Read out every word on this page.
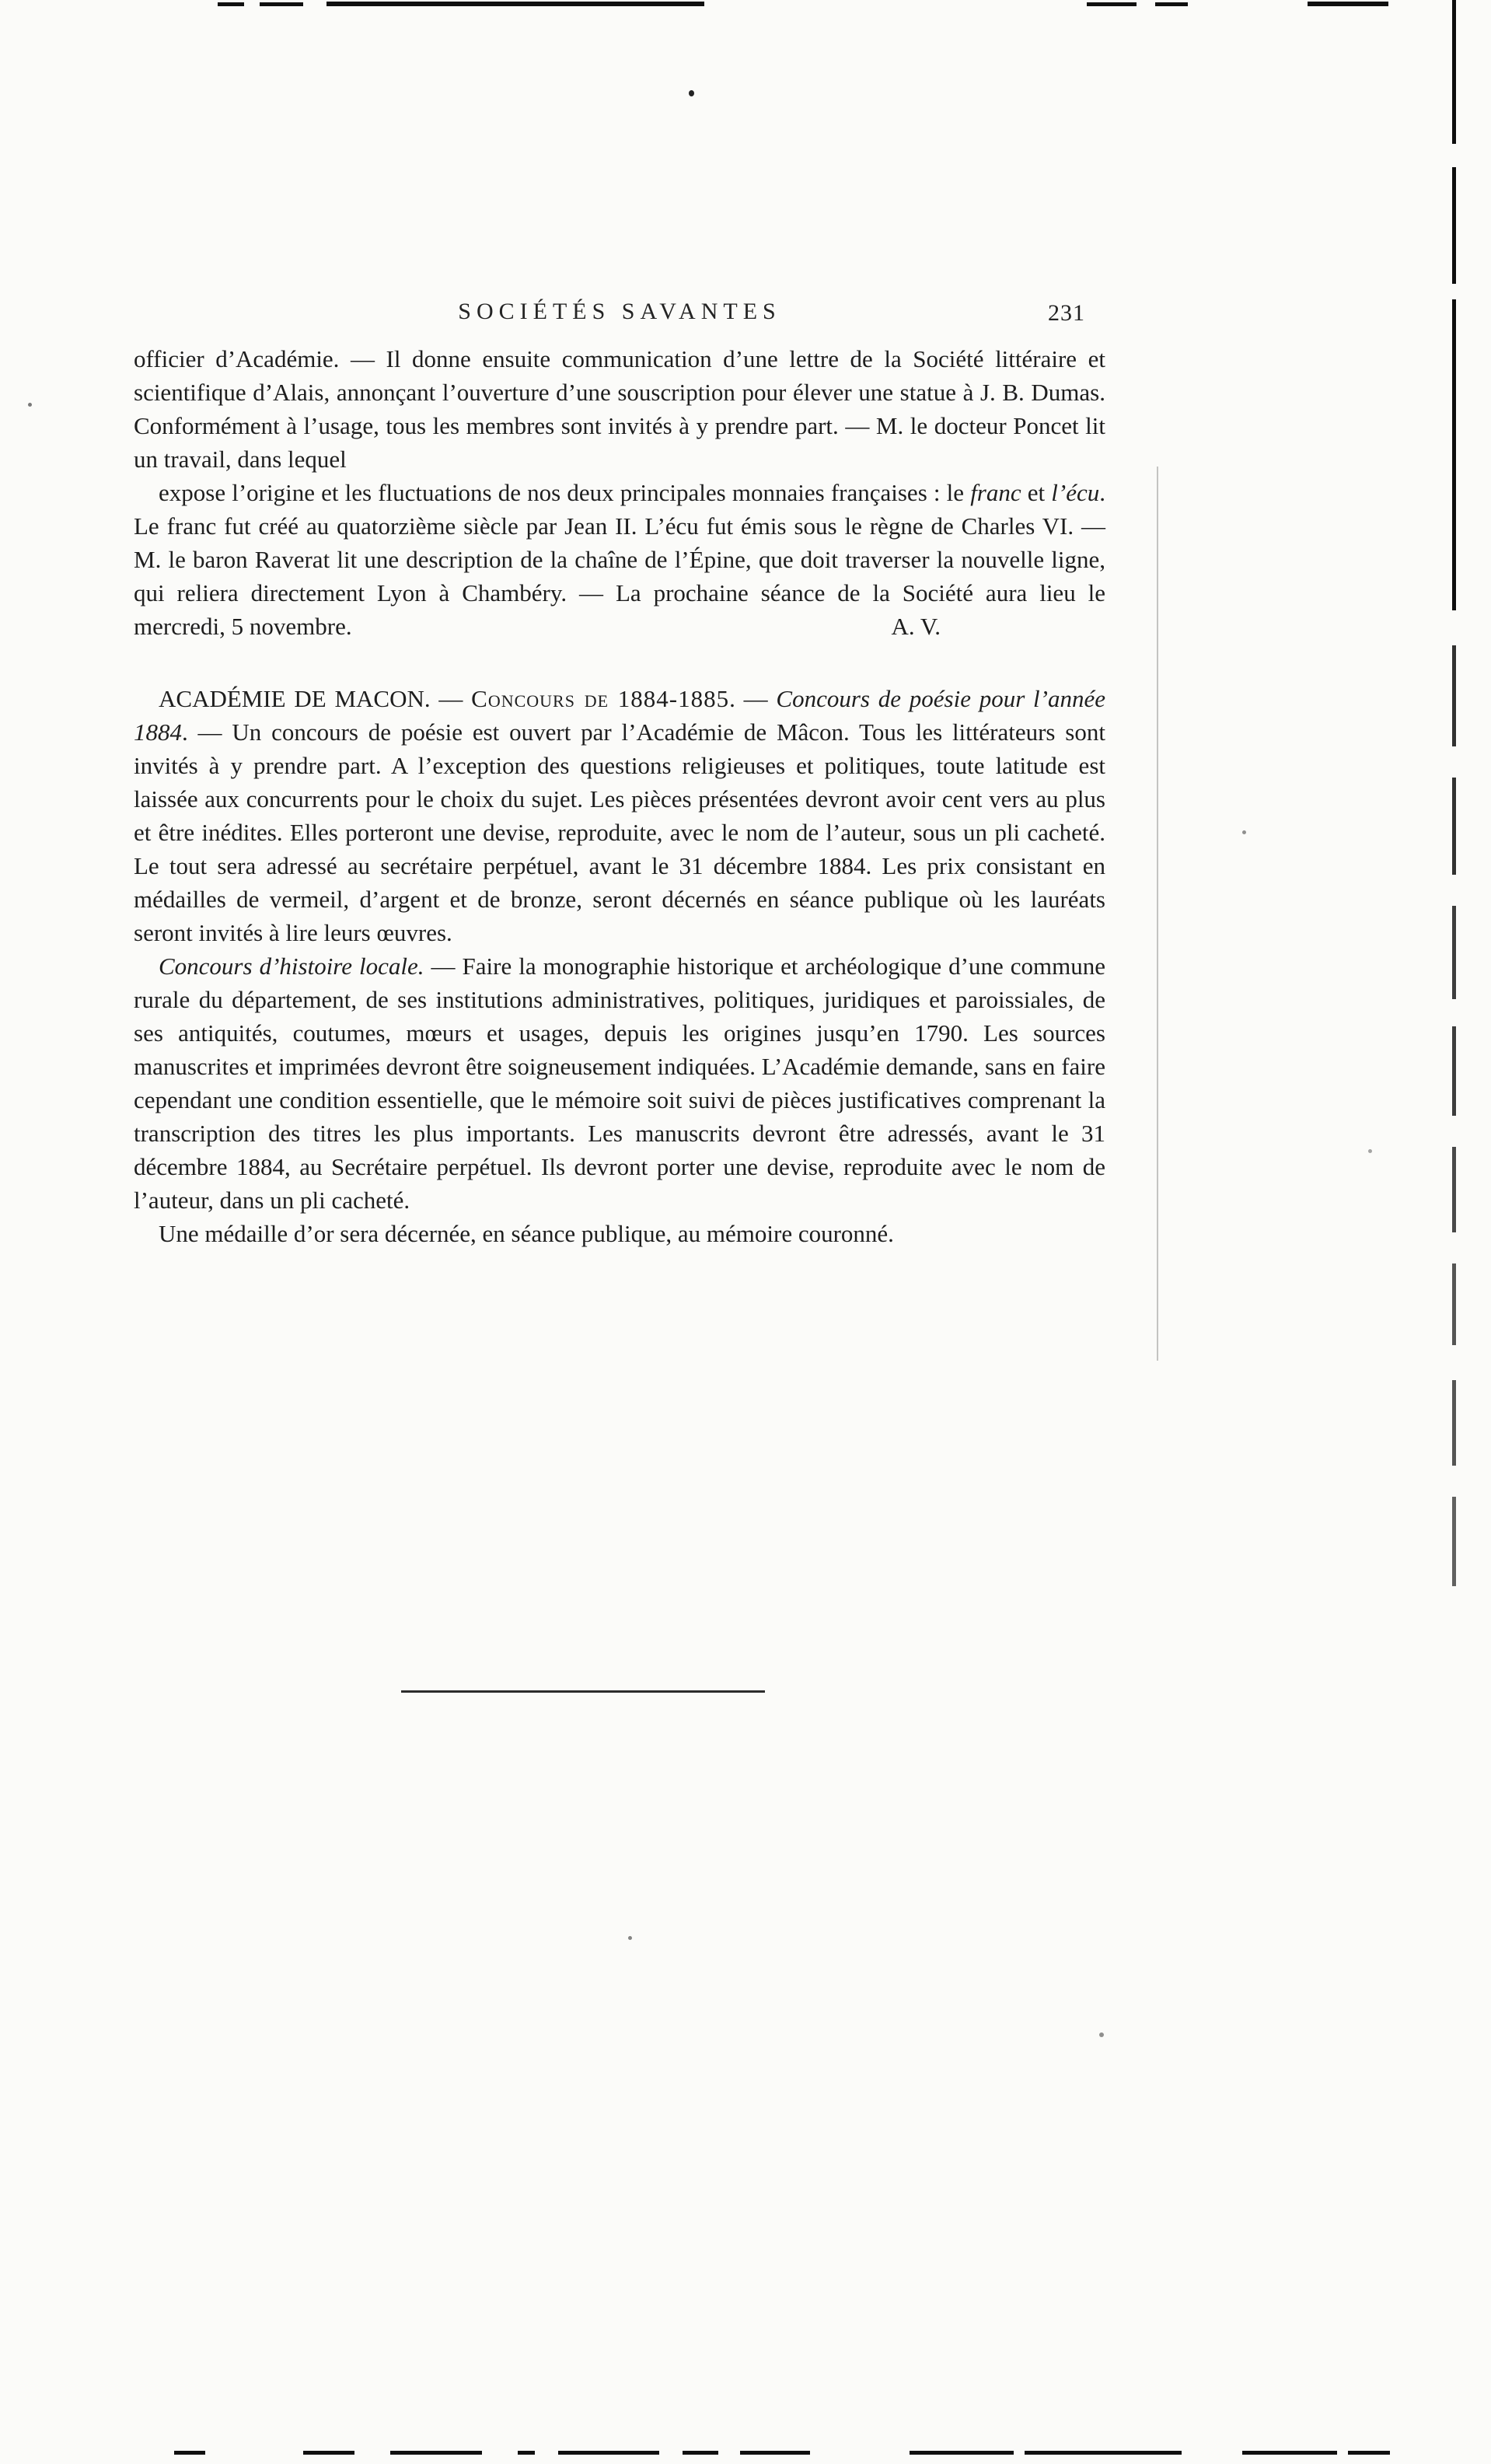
SOCIÉTÉS SAVANTES	231

officier d’Académie. — Il donne ensuite communication d’une lettre de la Société littéraire et scientifique d’Alais, annonçant l’ouverture d’une souscription pour élever une statue à J. B. Dumas. Conformément à l’usage, tous les membres sont invités à y prendre part. — M. le docteur Poncet lit un travail, dans lequel

expose l’origine et les fluctuations de nos deux principales monnaies françaises : le franc et l’écu. Le franc fut créé au quatorzième siècle par Jean II. L’écu fut émis sous le règne de Charles VI. — M. le baron Raverat lit une description de la chaîne de l’Épine, que doit traverser la nouvelle ligne, qui reliera directement Lyon à Chambéry. — La prochaine séance de la Société aura lieu le mercredi, 5 novembre.	A. V.

ACADÉMIE DE MACON. — Concours de 1884-1885. — Concours de poésie pour l’année 1884. — Un concours de poésie est ouvert par l’Académie de Mâcon. Tous les littérateurs sont invités à y prendre part. A l’exception des questions religieuses et politiques, toute latitude est laissée aux concurrents pour le choix du sujet. Les pièces présentées devront avoir cent vers au plus et être inédites. Elles porteront une devise, reproduite, avec le nom de l’auteur, sous un pli cacheté. Le tout sera adressé au secrétaire perpétuel, avant le 31 décembre 1884. Les prix consistant en médailles de vermeil, d’argent et de bronze, seront décernés en séance publique où les lauréats seront invités à lire leurs œuvres.

Concours d’histoire locale. — Faire la monographie historique et archéologique d’une commune rurale du département, de ses institutions administratives, politiques, juridiques et paroissiales, de ses antiquités, coutumes, mœurs et usages, depuis les origines jusqu’en 1790. Les sources manuscrites et imprimées devront être soigneusement indiquées. L’Académie demande, sans en faire cependant une condition essentielle, que le mémoire soit suivi de pièces justificatives comprenant la transcription des titres les plus importants. Les manuscrits devront être adressés, avant le 31 décembre 1884, au Secrétaire perpétuel. Ils devront porter une devise, reproduite avec le nom de l’auteur, dans un pli cacheté.

Une médaille d’or sera décernée, en séance publique, au mémoire couronné.
